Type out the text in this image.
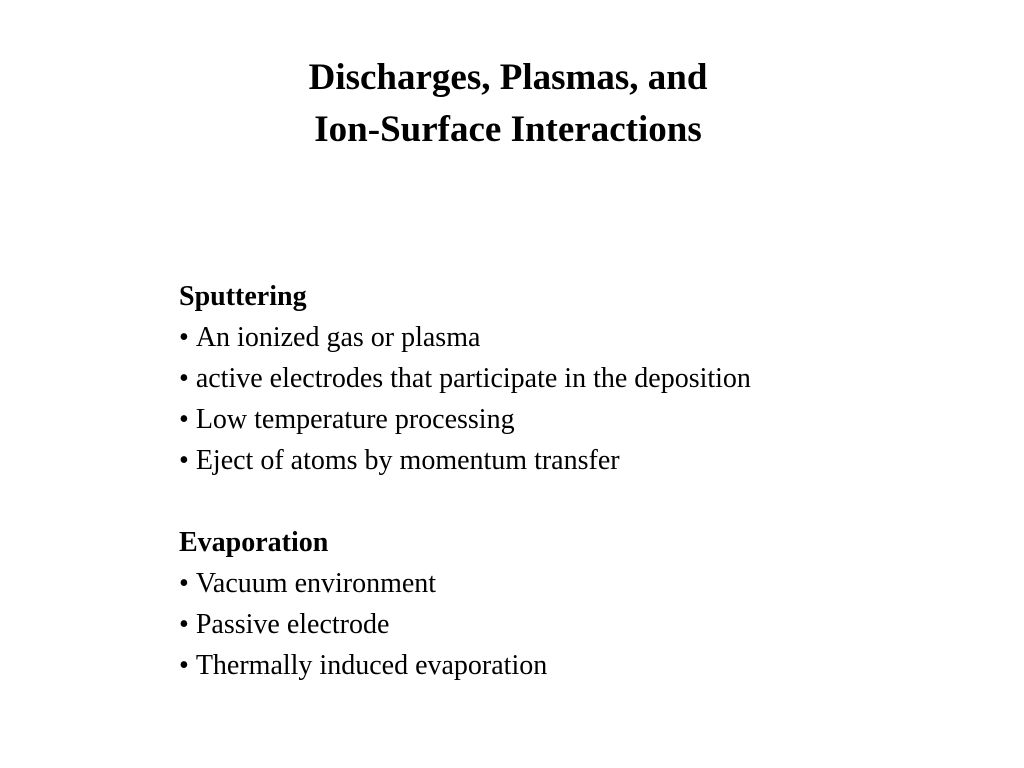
Discharges, Plasmas, and
Ion-Surface Interactions

Sputtering

• An ionized gas or plasma
• active electrodes that participate in the deposition
• Low temperature processing
• Eject of atoms by momentum transfer

Evaporation

• Vacuum environment
• Passive electrode
• Thermally induced evaporation
